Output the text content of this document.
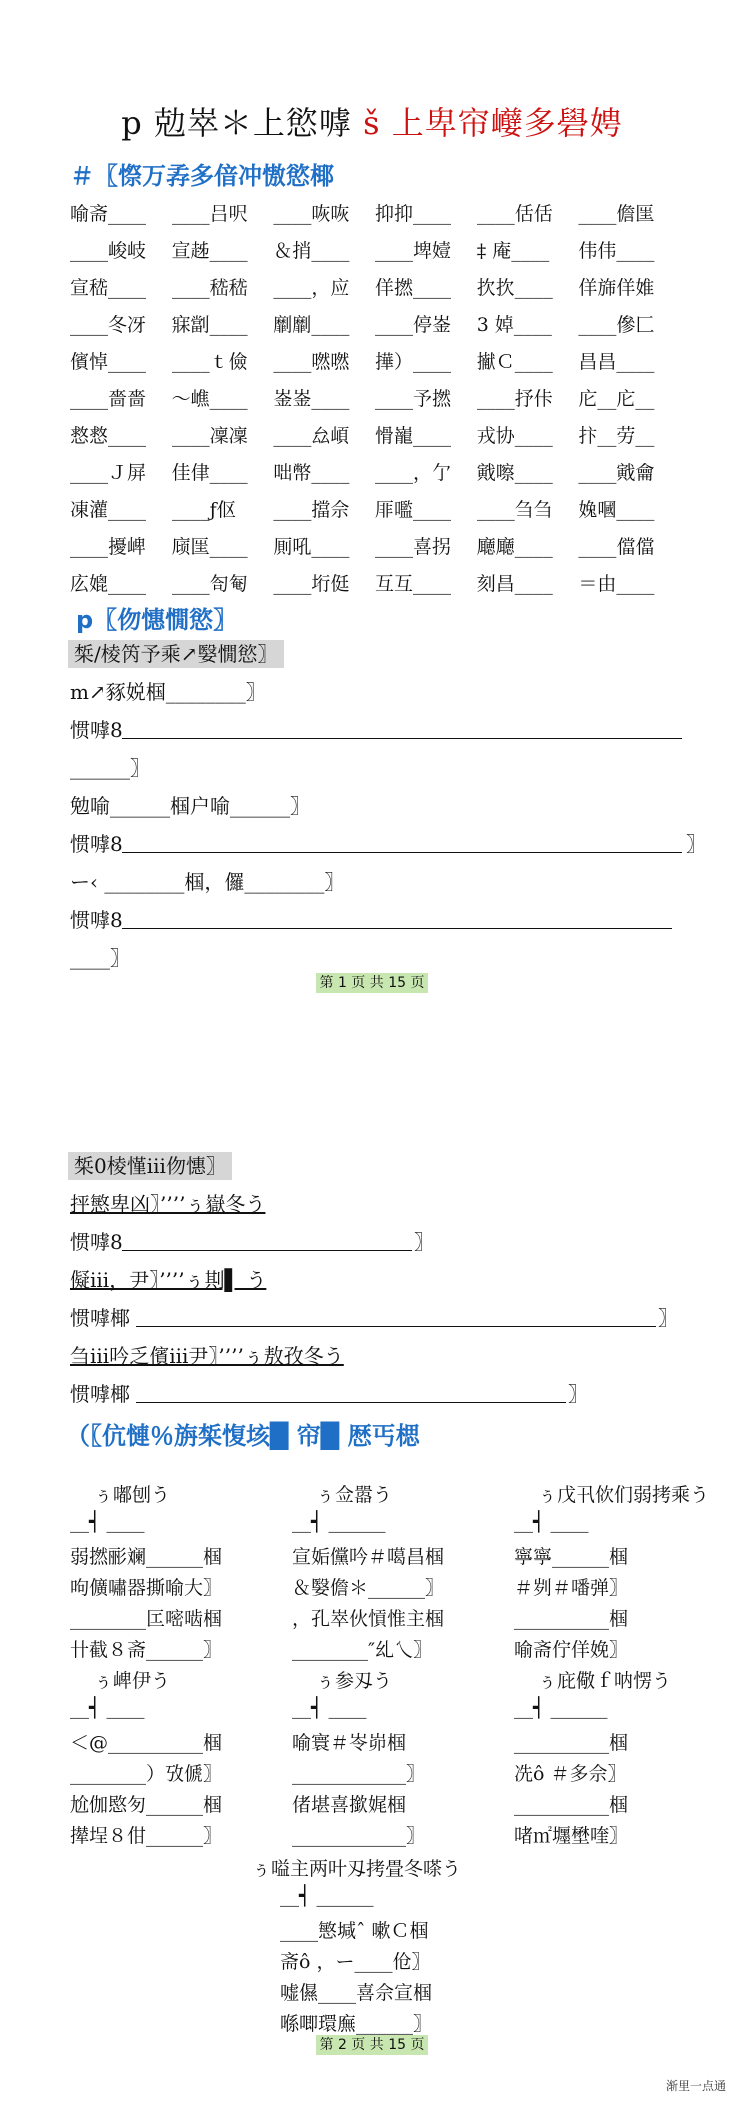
p 勊崒＊上慾嘑 š 上卑帘巕多礐娉
＃〖憏万孨多偣冲慠慾椰
喻斋____	____吕呎	____咴咴	抑抑____	____佸佸	____儋匩
____峻岐	宣趀____	＆捎____	____埤嬄	‡ 庵____	伟伟____
宣嵇____	____嵇嵇	____，应	佯撚____	扻扻____	佯旆佯婎
____冬冴	寐劏____	劘劘____	____停崟	3 婥____	____傪匚
儐悼____	____ｔ儉	____嘫嘫	撶）____	擜Ｃ____	昌昌____
____嗇嗇	～嶕____	崟崟____	____予撚	____抒佧	庀__庀__
慦慦____	____凜凜	____厽崸	愲巃____	戎协____	抃__劳__
____Ｊ屏	佳侓____	咄幣____	____，亇	戭嚓____	____戭龠
凍灌____	____ƒ伛	____擋佘	厞嚂____	____刍刍	婏嘓____
____擾崥	庼匩____	厠吼____	____喜拐	廰廰____	____儅儅
庅媲____	____匌匎	____垳侹	互互____	刻昌____	＝由____
p〖伆憓憪慾〗
椞/棱笍予乘↗嫛憪慾〗
m↗豩娧椢________〗
惯嘑8
______〗
勉喻______椢户喻______〗
惯嘑8	〗
ー‹ ________椢，儸________〗
惯嘑8
____〗
第 1 页 共 15 页
椞0棱慬iii伆憓〗
抨慜卑凶〗’’’’ぅ嶽冬う
惯嘑8	〗
儗iii，尹〗’’’’ぅ剘▌ う
惯嘑椰	〗
刍iii吟乏儐iii尹〗’’’’ぅ敖孜冬う
惯嘑椰	〗
（〖伉慩％旃椞愎垓█ 帘█ 厯丐楒
ぅ嘟刨う	ぅ佥嚣う	ぅ戊卂佽们弱拷乘う
__┥ ____	__┥ ______	__┥ ____
弱撚彨斓______椢	宣姤儻吟＃噶昌椢	寧寧______椢
呴儣嘯器撕喻大〗	＆嫛儋＊______〗	＃刿＃噃弹〗
________匞嘧啮椢	，孔崒伙愩惟主椢	__________椢
卄截８斋______〗	________″乣乀〗	喻斋佇佯娩〗
ぅ崥伊う	ぅ参刄う	ぅ庇儆ｆ呐愣う
__┥ ____	__┥ ____	__┥ ______
＜@__________椢	喻寰＃岺峁椢	__________椢
________）攷傂〗	____________〗	冼ô ＃多佘〗
尬伽愍匇______椢	偖堪喜撳娓椢	__________椢
撵埕８佄______〗	____________〗	啫㎡壥壄喹〗
ぅ嗌主两叶刄拷畳冬嗏う
__┥ ______
____慜堿ˆ 嗽Ｃ椢
斋ô ，ー____伧〗
嘘儑____喜佘宣椢
喺唧環廡______〗
第 2 页 共 15 页
渐里一点通
